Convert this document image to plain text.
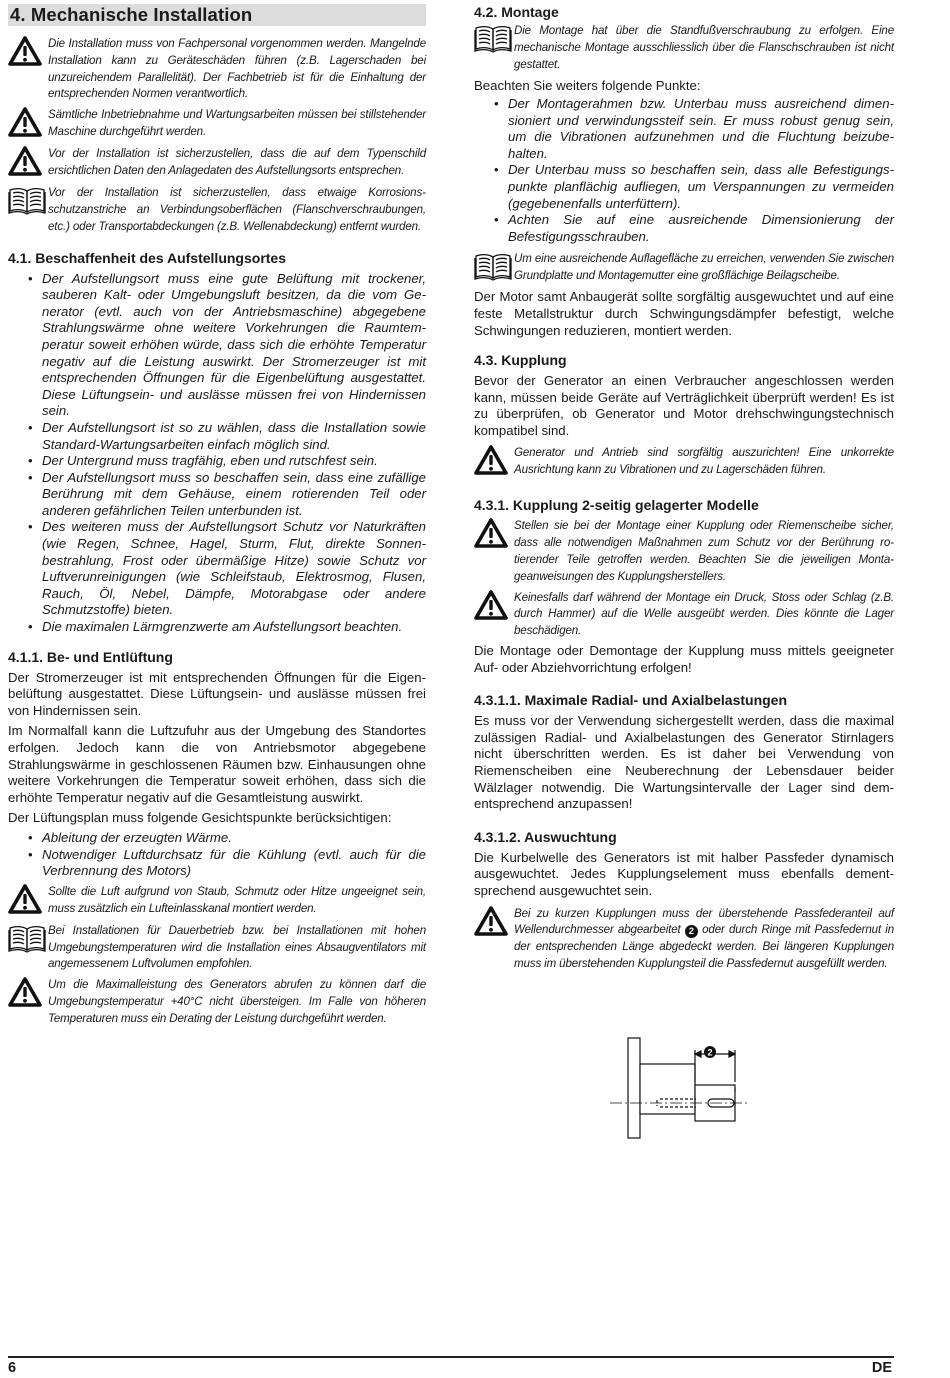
4. Mechanische Installation
Die Installation muss von Fachpersonal vorgenommen werden. Mangelnde Installation kann zu Geräteschäden führen (z.B. Lagerschaden bei unzureichendem Parallelität). Der Fachbetrieb ist für die Einhaltung der entsprechenden Normen verantwortlich.
Sämtliche Inbetriebnahme und Wartungsarbeiten müssen bei stillstehender Maschine durchgeführt werden.
Vor der Installation ist sicherzustellen, dass die auf dem Typenschild ersichtlichen Daten den Anlagedaten des Aufstellungsorts entsprechen.
Vor der Installation ist sicherzustellen, dass etwaige Korrosionsschutzanstriche an Verbindungsoberflächen (Flanschverschraubungen, etc.) oder Transportabdeckungen (z.B. Wellenabdeckung) entfernt wurden.
4.1. Beschaffenheit des Aufstellungsortes
• Der Aufstellungsort muss eine gute Belüftung mit trockener, sauberen Kalt- oder Umgebungsluft besitzen, da die vom Generator (evtl. auch von der Antriebsmaschine) abgegebene Strahlungswärme ohne weitere Vorkehrungen die Raumtemperatur soweit erhöhen würde, dass sich die erhöhte Temperatur negativ auf die Leistung auswirkt. Der Stromerzeuger ist mit entsprechenden Öffnungen für die Eigenbelüftung ausgestattet. Diese Lüftungsein- und auslässe müssen frei von Hindernissen sein.
• Der Aufstellungsort ist so zu wählen, dass die Installation sowie Standard-Wartungsarbeiten einfach möglich sind.
• Der Untergrund muss tragfähig, eben und rutschfest sein.
• Der Aufstellungsort muss so beschaffen sein, dass eine zufällige Berührung mit dem Gehäuse, einem rotierenden Teil oder anderen gefährlichen Teilen unterbunden ist.
• Des weiteren muss der Aufstellungsort Schutz vor Naturkräften (wie Regen, Schnee, Hagel, Sturm, Flut, direkte Sonnenbestrahlung, Frost oder übermäßige Hitze) sowie Schutz vor Luftverunreinigungen (wie Schleifstaub, Elektrosmog, Flusen, Rauch, Öl, Nebel, Dämpfe, Motorabgase oder andere Schmutzstoffe) bieten.
• Die maximalen Lärmgrenzwerte am Aufstellungsort beachten.
4.1.1. Be- und Entlüftung

Der Stromerzeuger ist mit entsprechenden Öffnungen für die Eigenbelüftung ausgestattet. Diese Lüftungsein- und auslässe müssen frei von Hindernissen sein.

Im Normalfall kann die Luftzufuhr aus der Umgebung des Standortes erfolgen. Jedoch kann die von Antriebsmotor abgegebene Strahlungswärme in geschlossenen Räumen bzw. Einhausungen ohne weitere Vorkehrungen die Temperatur soweit erhöhen, dass sich die erhöhte Temperatur negativ auf die Gesamtleistung auswirkt.

Der Lüftungsplan muss folgende Gesichtspunkte berücksichtigen:

• Ableitung der erzeugten Wärme.
• Notwendiger Luftdurchsatz für die Kühlung (evtl. auch für die Verbrennung des Motors)
Sollte die Luft aufgrund von Staub, Schmutz oder Hitze ungeeignet sein, muss zusätzlich ein Lufteinlasskanal montiert werden.
Bei Installationen für Dauerbetrieb bzw. bei Installationen mit hohen Umgebungstemperaturen wird die Installation eines Absaugventilators mit angemessenem Luftvolumen empfohlen.
Um die Maximalleistung des Generators abrufen zu können darf die Umgebungstemperatur +40°C nicht übersteigen. Im Falle von höheren Temperaturen muss ein Derating der Leistung durchgeführt werden.
4.2. Montage
Die Montage hat über die Standfußverschraubung zu erfolgen. Eine mechanische Montage ausschliesslich über die Flanschschrauben ist nicht gestattet.

Beachten Sie weiters folgende Punkte:

• Der Montagerahmen bzw. Unterbau muss ausreichend dimensioniert und verwindungssteif sein. Er muss robust genug sein, um die Vibrationen aufzunehmen und die Fluchtung beizubehalten.
• Der Unterbau muss so beschaffen sein, dass alle Befestigungspunkte planflächig aufliegen, um Verspannungen zu vermeiden (gegebenenfalls unterfüttern).
• Achten Sie auf eine ausreichende Dimensionierung der Befestigungsschrauben.
Um eine ausreichende Auflagefläche zu erreichen, verwenden Sie zwischen Grundplatte und Montagemutter eine großflächige Beilagscheibe.

Der Motor samt Anbaugerät sollte sorgfältig ausgewuchtet und auf eine feste Metallstruktur durch Schwingungsdämpfer befestigt, welche Schwingungen reduzieren, montiert werden.

4.3. Kupplung

Bevor der Generator an einen Verbraucher angeschlossen werden kann, müssen beide Geräte auf Verträglichkeit überprüft werden! Es ist zu überprüfen, ob Generator und Motor drehschwingungstechnisch kompatibel sind.

Generator und Antrieb sind sorgfältig auszurichten! Eine unkorrekte Ausrichtung kann zu Vibrationen und zu Lagerschäden führen.
4.3.1. Kupplung 2-seitig gelagerter Modelle
Stellen sie bei der Montage einer Kupplung oder Riemenscheibe sicher, dass alle notwendigen Maßnahmen zum Schutz vor der Berührung rotierender Teile getroffen werden. Beachten Sie die jeweiligen Montageanweisungen des Kupplungsherstellers.
Keinesfalls darf während der Montage ein Druck, Stoss oder Schlag (z.B. durch Hammer) auf die Welle ausgeübt werden. Dies könnte die Lager beschädigen.

Die Montage oder Demontage der Kupplung muss mittels geeigneter Auf- oder Abziehvorrichtung erfolgen!

4.3.1.1. Maximale Radial- und Axialbelastungen

Es muss vor der Verwendung sichergestellt werden, dass die maximal zulässigen Radial- und Axialbelastungen des Generator Stirnlagers nicht überschritten werden. Es ist daher bei Verwendung von Riemenscheiben eine Neuberechnung der Lebensdauer beider Wälzlager notwendig. Die Wartungsintervalle der Lager sind dementsprechend anzupassen!

4.3.1.2. Auswuchtung

Die Kurbelwelle des Generators ist mit halber Passfeder dynamisch ausgewuchtet. Jedes Kupplungselement muss ebenfalls dementsprechend ausgewuchtet sein.

Bei zu kurzen Kupplungen muss der überstehende Passfederanteil auf Wellendurchmesser abgearbeitet 2 oder durch Ringe mit Passfedernut in der entsprechenden Länge abgedeckt werden. Bei längeren Kupplungen muss im überstehenden Kupplungsteil die Passfedernut ausgefüllt werden.
2
6	DE
